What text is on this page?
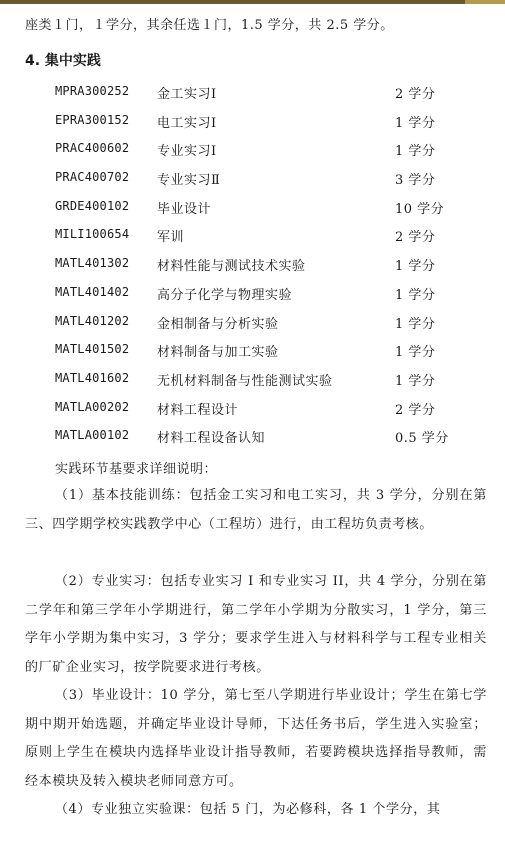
座类１门，１学分，其余任选１门，1.5 学分，共 2.5 学分。
4. 集中实践
MPRA300252 金工实习Ⅰ	2 学分
EPRA300152 电工实习Ⅰ	1 学分
PRAC400602 专业实习Ⅰ	1 学分
PRAC400702 专业实习Ⅱ	3 学分
GRDE400102 毕业设计	10 学分
MILI100654 军训	2 学分
MATL401302 材料性能与测试技术实验	1 学分
MATL401402 高分子化学与物理实验	1 学分
MATL401202 金相制备与分析实验	1 学分
MATL401502 材料制备与加工实验	1 学分
MATL401602 无机材料制备与性能测试实验	1 学分
MATLA00202 材料工程设计	2 学分
MATLA00102 材料工程设备认知	0.5 学分
实践环节基要求详细说明：
（1）基本技能训练：包括金工实习和电工实习，共 3 学分，分别在第三、四学期学校实践教学中心（工程坊）进行，由工程坊负责考核。
（2）专业实习：包括专业实习 I 和专业实习 II，共 4 学分，分别在第二学年和第三学年小学期进行，第二学年小学期为分散实习，1 学分，第三学年小学期为集中实习，3 学分；要求学生进入与材料科学与工程专业相关的厂矿企业实习，按学院要求进行考核。
（3）毕业设计：10 学分，第七至八学期进行毕业设计；学生在第七学期中期开始选题，并确定毕业设计导师，下达任务书后，学生进入实验室；原则上学生在模块内选择毕业设计指导教师，若要跨模块选择指导教师，需经本模块及转入模块老师同意方可。
（4）专业独立实验课：包括 5 门，为必修科，各 1 个学分，其
